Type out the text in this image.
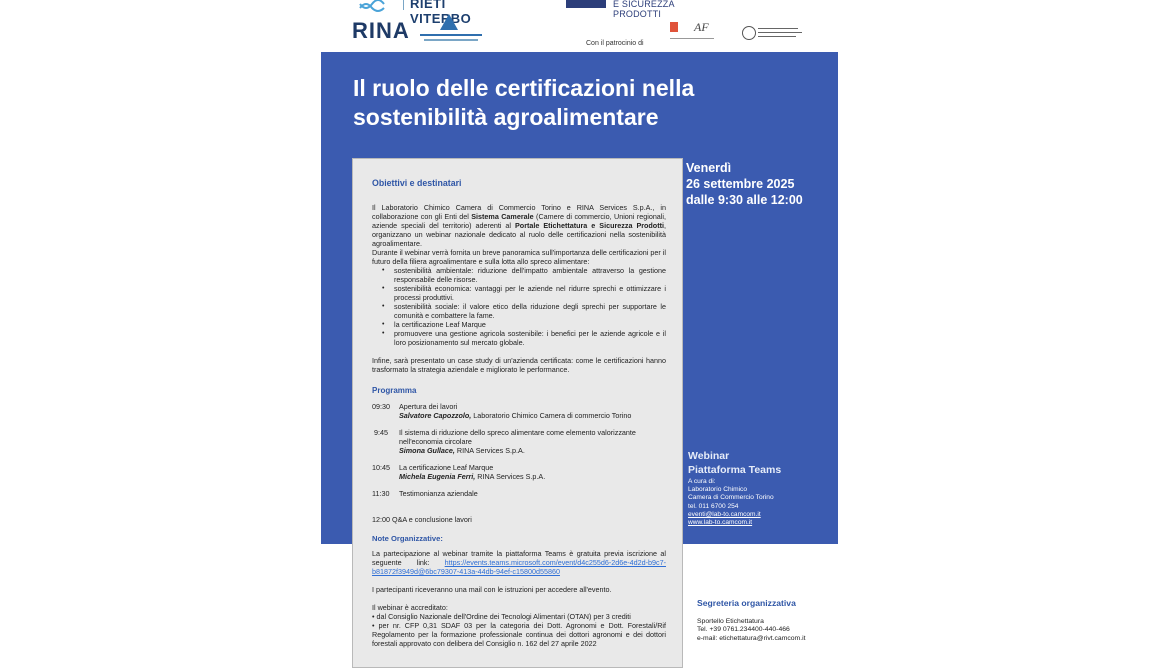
RIETI VITERBO
RINA
E SICUREZZA PRODOTTI
Con il patrocinio di
AF
Il ruolo delle certificazioni nella
sostenibilità agroalimentare
Venerdì
26 settembre 2025
dalle 9:30 alle 12:00
Obiettivi e destinatari

Il Laboratorio Chimico Camera di Commercio Torino e RINA Services S.p.A., in collaborazione con gli Enti del Sistema Camerale (Camere di commercio, Unioni regionali, aziende speciali del territorio) aderenti al Portale Etichettatura e Sicurezza Prodotti, organizzano un webinar nazionale dedicato al ruolo delle certificazioni nella sostenibilità agroalimentare.

Durante il webinar verrà fornita un breve panoramica sull'importanza delle certificazioni per il futuro della filiera agroalimentare e sulla lotta allo spreco alimentare:

• sostenibilità ambientale: riduzione dell'impatto ambientale attraverso la gestione responsabile delle risorse.
• sostenibilità economica: vantaggi per le aziende nel ridurre sprechi e ottimizzare i processi produttivi.
• sostenibilità sociale: il valore etico della riduzione degli sprechi per supportare le comunità e combattere la fame.
• la certificazione Leaf Marque
• promuovere una gestione agricola sostenibile: i benefici per le aziende agricole e il loro posizionamento sul mercato globale.

Infine, sarà presentato un case study di un'azienda certificata: come le certificazioni hanno trasformato la strategia aziendale e migliorato le performance.

Programma
09:30 Apertura dei lavori
Salvatore Capozzolo, Laboratorio Chimico Camera di commercio Torino
9:45 Il sistema di riduzione dello spreco alimentare come elemento valorizzante nell'economia circolare
Simona Gullace, RINA Services S.p.A.
10:45 La certificazione Leaf Marque
Michela Eugenia Ferri, RINA Services S.p.A.
11:30 Testimonianza aziendale
12:00 Q&A e conclusione lavori
Note Organizzative:

La partecipazione al webinar tramite la piattaforma Teams è gratuita previa iscrizione al seguente link: https://events.teams.microsoft.com/event/d4c255d6-2d6e-4d2d-b9c7-b81872f3949d@6bc79307-413a-44db-94ef-c15800d55860

I partecipanti riceveranno una mail con le istruzioni per accedere all'evento.

Il webinar è accreditato:

• dal Consiglio Nazionale dell'Ordine dei Tecnologi Alimentari (OTAN) per 3 crediti

• per nr. CFP 0,31 SDAF 03 per la categoria dei Dott. Agronomi e Dott. Forestali/Rif Regolamento per la formazione professionale continua dei dottori agronomi e dei dottori forestali approvato con delibera del Consiglio n. 162 del 27 aprile 2022

Webinar
Piattaforma Teams
A cura di:
Laboratorio Chimico
Camera di Commercio Torino
tel. 011 6700 254
eventi@lab-to.camcom.it
www.lab-to.camcom.it
Segreteria organizzativa
Sportello Etichettatura
Tel. +39 0761.234400-440-466
e-mail: etichettatura@rivt.camcom.it
